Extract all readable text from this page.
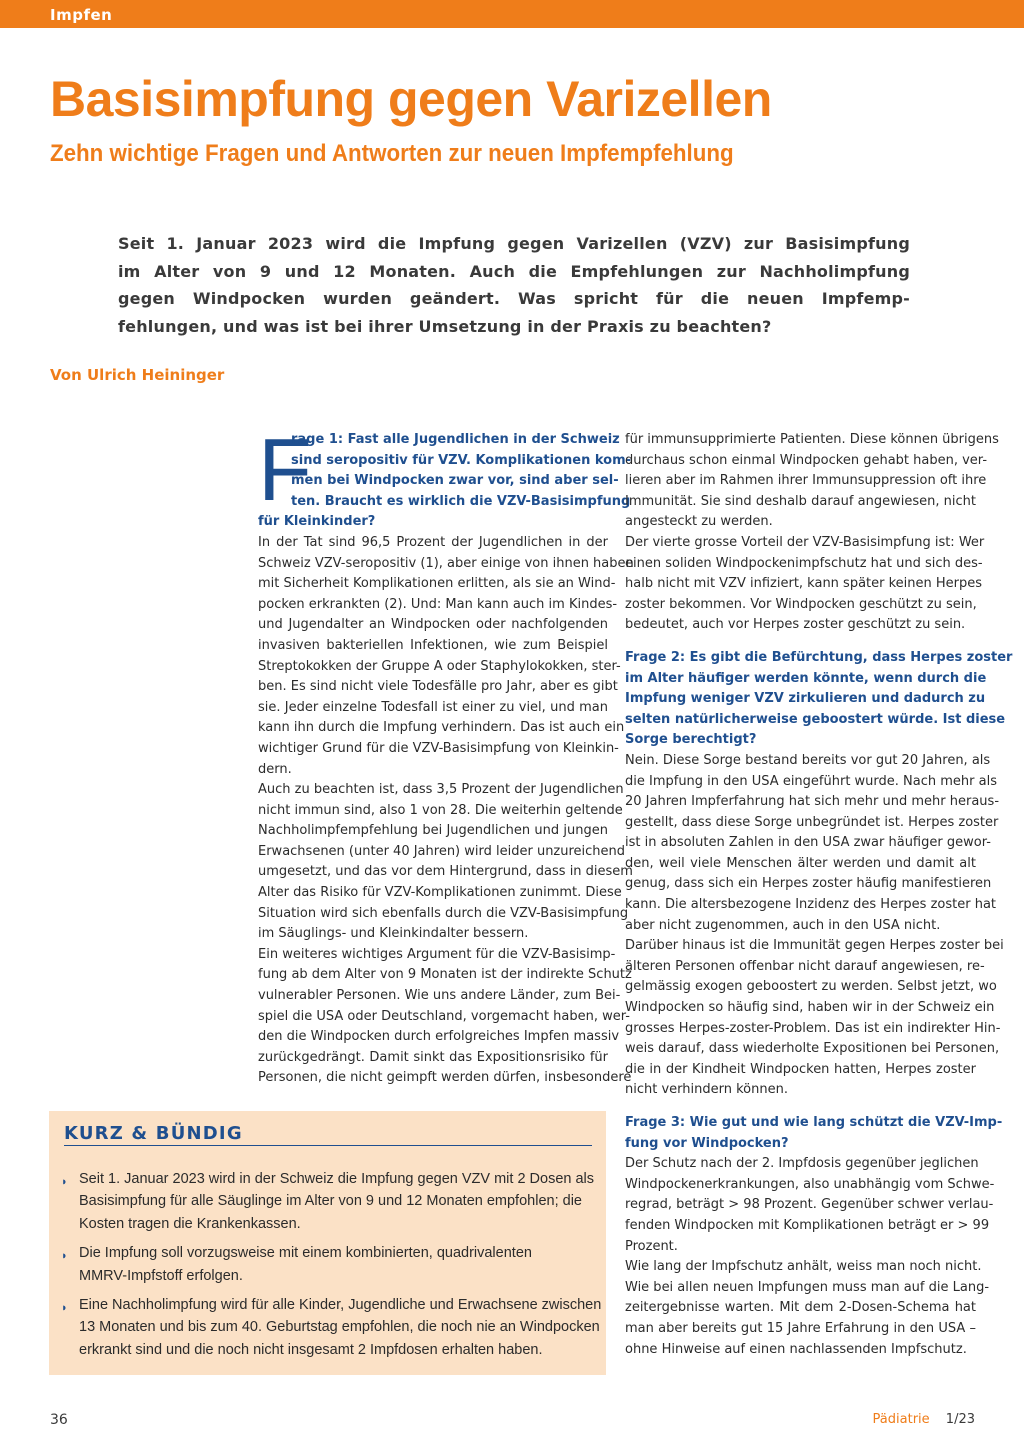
Impfen
Basisimpfung gegen Varizellen
Zehn wichtige Fragen und Antworten zur neuen Impfempfehlung

Seit 1. Januar 2023 wird die Impfung gegen Varizellen (VZV) zur Basisimpfung
im Alter von 9 und 12 Monaten. Auch die Empfehlungen zur Nachholimpfung
gegen Windpocken wurden geändert. Was spricht für die neuen Impfemp-
fehlungen, und was ist bei ihrer Umsetzung in der Praxis zu beachten?

Von Ulrich Heininger
F
rage 1: Fast alle Jugendlichen in der Schweiz
sind seropositiv für VZV. Komplikationen kom-
men bei Windpocken zwar vor, sind aber sel-
ten. Braucht es wirklich die VZV-Basisimpfung
für Kleinkinder?
In der Tat sind 96,5 Prozent der Jugendlichen in der
Schweiz VZV-seropositiv (1), aber einige von ihnen haben
mit Sicherheit Komplikationen erlitten, als sie an Wind-
pocken erkrankten (2). Und: Man kann auch im Kindes-
und Jugendalter an Windpocken oder nachfolgenden
invasiven bakteriellen Infektionen, wie zum Beispiel
Streptokokken der Gruppe A oder Staphylokokken, ster-
ben. Es sind nicht viele Todesfälle pro Jahr, aber es gibt
sie. Jeder einzelne Todesfall ist einer zu viel, und man
kann ihn durch die Impfung verhindern. Das ist auch ein
wichtiger Grund für die VZV-Basisimpfung von Kleinkin-
dern.
Auch zu beachten ist, dass 3,5 Prozent der Jugendlichen
nicht immun sind, also 1 von 28. Die weiterhin geltende
Nachholimpfempfehlung bei Jugendlichen und jungen
Erwachsenen (unter 40 Jahren) wird leider unzureichend
umgesetzt, und das vor dem Hintergrund, dass in diesem
Alter das Risiko für VZV-Komplikationen zunimmt. Diese
Situation wird sich ebenfalls durch die VZV-Basisimpfung
im Säuglings- und Kleinkindalter bessern.
Ein weiteres wichtiges Argument für die VZV-Basisimp-
fung ab dem Alter von 9 Monaten ist der indirekte Schutz
vulnerabler Personen. Wie uns andere Länder, zum Bei-
spiel die USA oder Deutschland, vorgemacht haben, wer-
den die Windpocken durch erfolgreiches Impfen massiv
zurückgedrängt. Damit sinkt das Expositionsrisiko für
Personen, die nicht geimpft werden dürfen, insbesondere
für immunsupprimierte Patienten. Diese können übrigens
durchaus schon einmal Windpocken gehabt haben, ver-
lieren aber im Rahmen ihrer Immunsuppression oft ihre
Immunität. Sie sind deshalb darauf angewiesen, nicht
angesteckt zu werden.
Der vierte grosse Vorteil der VZV-Basisimpfung ist: Wer
einen soliden Windpockenimpfschutz hat und sich des-
halb nicht mit VZV infiziert, kann später keinen Herpes
zoster bekommen. Vor Windpocken geschützt zu sein,
bedeutet, auch vor Herpes zoster geschützt zu sein.
Frage 2: Es gibt die Befürchtung, dass Herpes zoster
im Alter häufiger werden könnte, wenn durch die
Impfung weniger VZV zirkulieren und dadurch zu
selten natürlicherweise geboostert würde. Ist diese
Sorge berechtigt?
Nein. Diese Sorge bestand bereits vor gut 20 Jahren, als
die Impfung in den USA eingeführt wurde. Nach mehr als
20 Jahren Impferfahrung hat sich mehr und mehr heraus-
gestellt, dass diese Sorge unbegründet ist. Herpes zoster
ist in absoluten Zahlen in den USA zwar häufiger gewor-
den, weil viele Menschen älter werden und damit alt
genug, dass sich ein Herpes zoster häufig manifestieren
kann. Die altersbezogene Inzidenz des Herpes zoster hat
aber nicht zugenommen, auch in den USA nicht.
Darüber hinaus ist die Immunität gegen Herpes zoster bei
älteren Personen offenbar nicht darauf angewiesen, re-
gelmässig exogen geboostert zu werden. Selbst jetzt, wo
Windpocken so häufig sind, haben wir in der Schweiz ein
grosses Herpes-zoster-Problem. Das ist ein indirekter Hin-
weis darauf, dass wiederholte Expositionen bei Personen,
die in der Kindheit Windpocken hatten, Herpes zoster
nicht verhindern können.
Frage 3: Wie gut und wie lang schützt die VZV-Imp-
fung vor Windpocken?
Der Schutz nach der 2. Impfdosis gegenüber jeglichen
Windpockenerkrankungen, also unabhängig vom Schwe-
regrad, beträgt > 98 Prozent. Gegenüber schwer verlau-
fenden Windpocken mit Komplikationen beträgt er > 99
Prozent.
Wie lang der Impfschutz anhält, weiss man noch nicht.
Wie bei allen neuen Impfungen muss man auf die Lang-
zeitergebnisse warten. Mit dem 2-Dosen-Schema hat
man aber bereits gut 15 Jahre Erfahrung in den USA –
ohne Hinweise auf einen nachlassenden Impfschutz.
KURZ & BÜNDIG
◗ Seit 1. Januar 2023 wird in der Schweiz die Impfung gegen VZV mit 2 Dosen als
Basisimpfung für alle Säuglinge im Alter von 9 und 12 Monaten empfohlen; die
Kosten tragen die Krankenkassen.
◗ Die Impfung soll vorzugsweise mit einem kombinierten, quadrivalenten
MMRV-Impfstoff erfolgen.
◗ Eine Nachholimpfung wird für alle Kinder, Jugendliche und Erwachsene zwischen
13 Monaten und bis zum 40. Geburtstag empfohlen, die noch nie an Windpocken
erkrankt sind und die noch nicht insgesamt 2 Impfdosen erhalten haben.
36	Pädiatrie 1/23
